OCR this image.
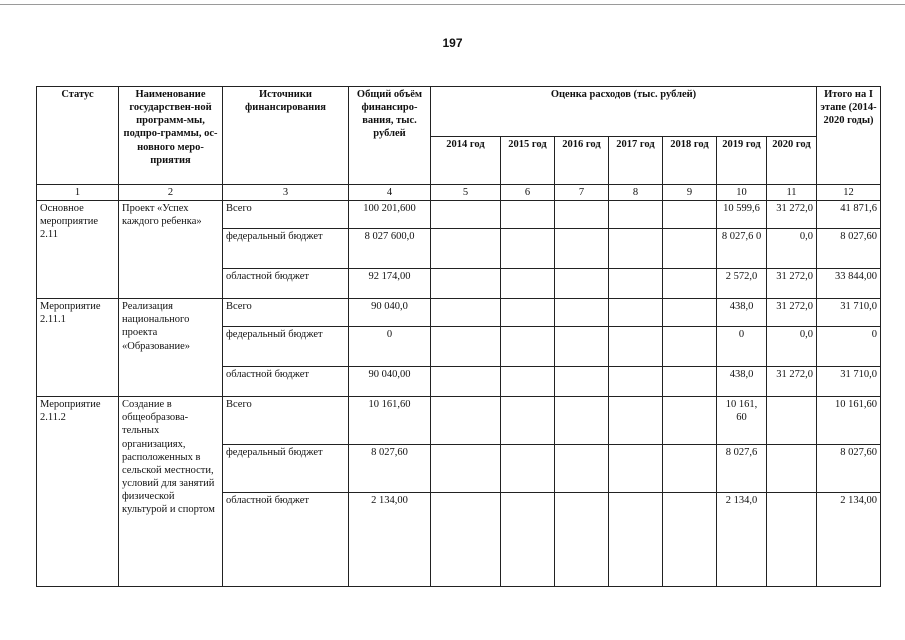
197
Статус	Наименование государствен-ной программ-мы, подпро-граммы, ос-новного меро-приятия	Источники финансирования	Общий объём финансиро-вания, тыс. рублей	Оценка расходов (тыс. рублей)							Итого на I этапе (2014-2020 годы)
				2014 год	2015 год	2016 год	2017 год	2018 год	2019 год	2020 год	
1	2	3	4	5	6	7	8	9	10	11	12
Основное мероприятие 2.11	Проект «Успех каждого ребенка»	Всего	100 201,600						10 599,6	31 272,0	41 871,6
		федеральный бюджет	8 027 600,0						8 027,6 0	0,0	8 027,60
		областной бюджет	92 174,00						2 572,0	31 272,0	33 844,00
Мероприятие 2.11.1	Реализация национального проекта «Образование»	Всего	90 040,0						438,0	31 272,0	31 710,0
		федеральный бюджет	0						0	0,0	0
		областной бюджет	90 040,00						438,0	31 272,0	31 710,0
Мероприятие 2.11.2	Создание в общеобразова-тельных организациях, расположенных в сельской местности, условий для занятий физической культурой и спортом	Всего	10 161,60						10 161, 60		10 161,60
		федеральный бюджет	8 027,60						8 027,6		8 027,60
		областной бюджет	2 134,00						2 134,0		2 134,00
